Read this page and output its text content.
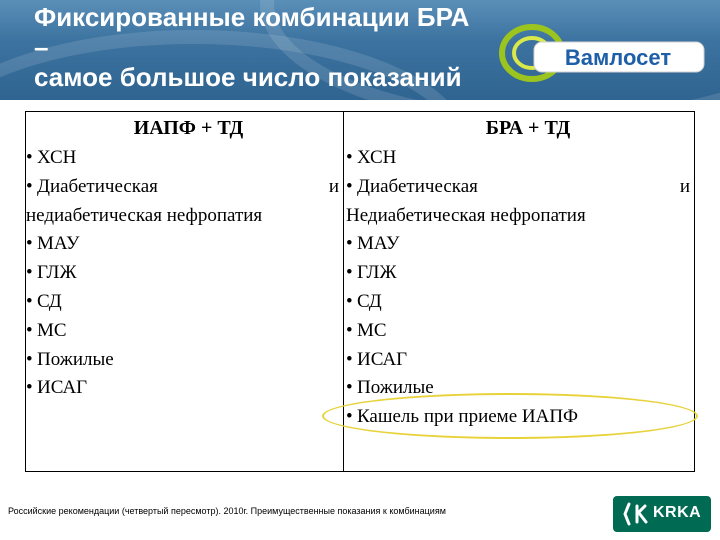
Фиксированные комбинации БРА
–
самое большое число показаний
Вамлосет
ИАПФ + ТД
• ХСН
• Диабетическая	и
недиабетическая нефропатия
• МАУ
• ГЛЖ
• СД
• МС
• Пожилые
• ИСАГ
БРА + ТД
• ХСН
• Диабетическая	и
Недиабетическая нефропатия
• МАУ
• ГЛЖ
• СД
• МС
• ИСАГ
• Пожилые
• Кашель при приеме ИАПФ
Российские рекомендации (четвертый пересмотр). 2010г. Преимущественные показания к комбинациям	KRKA
